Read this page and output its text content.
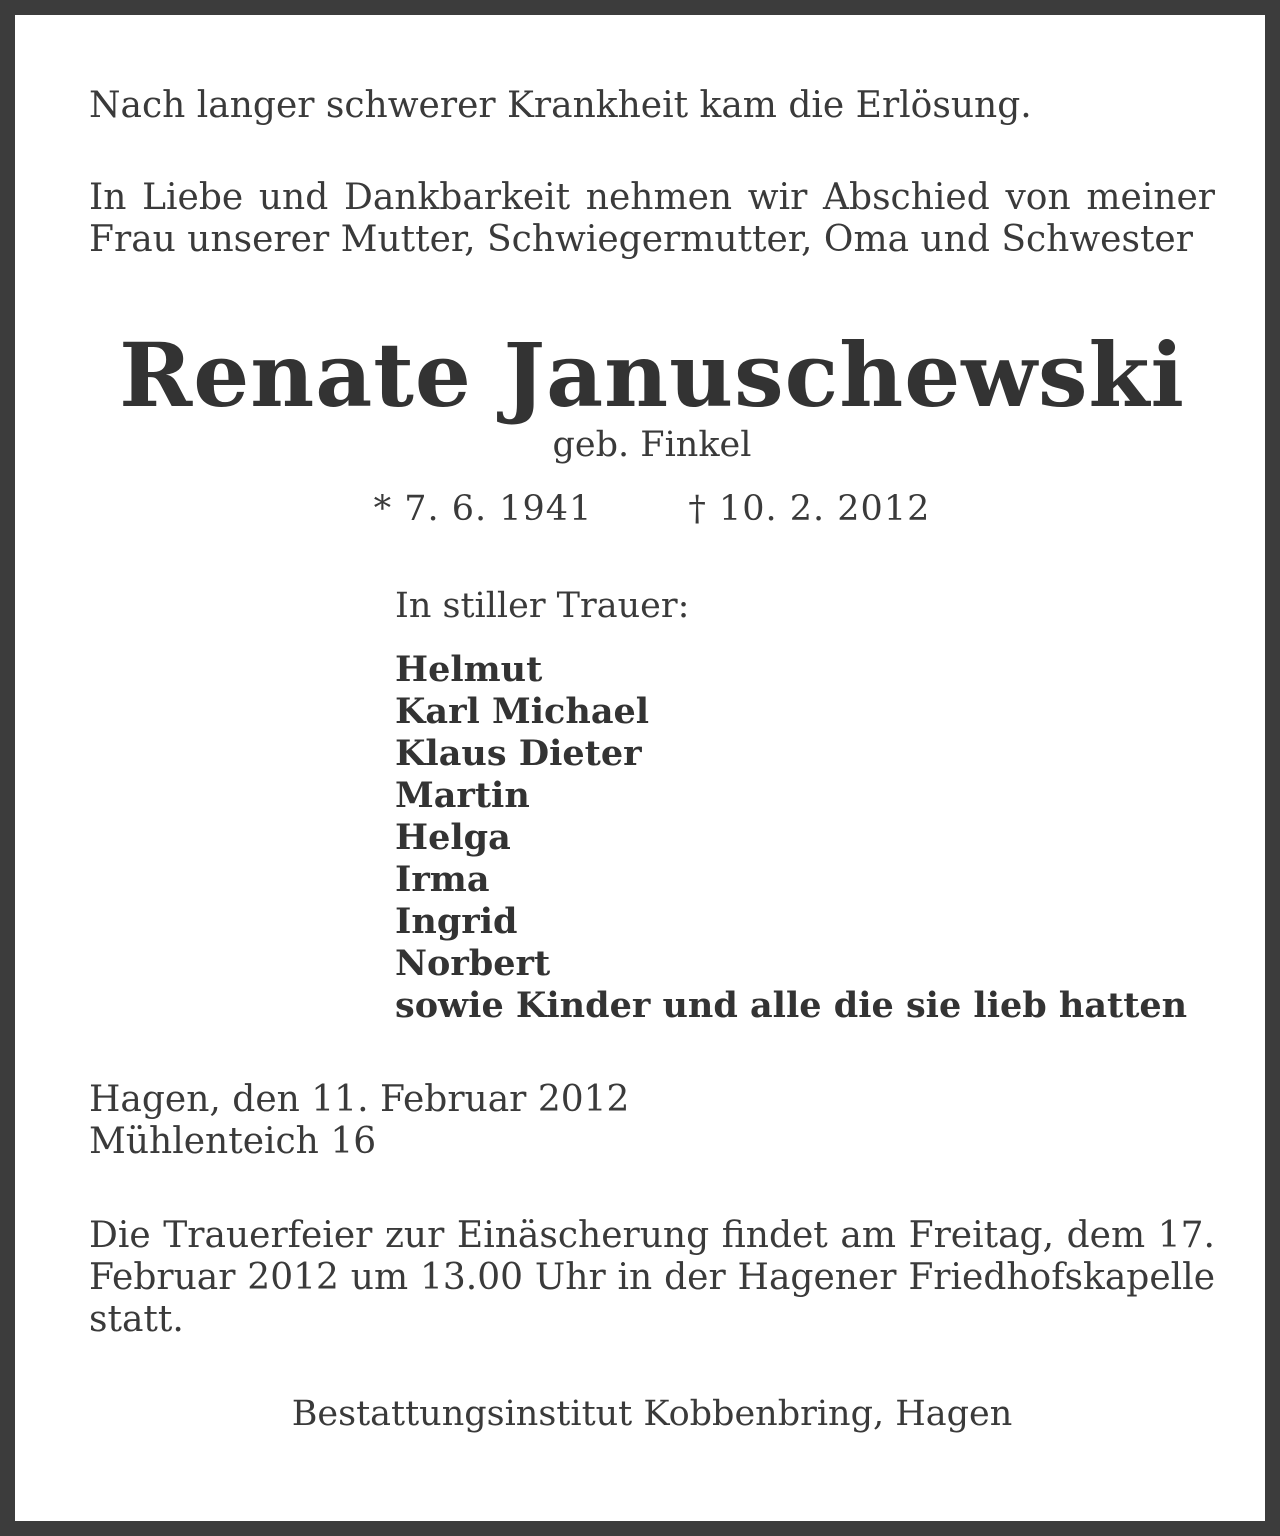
Nach langer schwerer Krankheit kam die Erlösung.

In Liebe und Dankbarkeit nehmen wir Abschied von meiner Frau unserer Mutter, Schwiegermutter, Oma und Schwester

Renate Januschewski
geb. Finkel
* 7. 6. 1941	† 10. 2. 2012
In stiller Trauer:
Helmut
Karl Michael
Klaus Dieter
Martin
Helga
Irma
Ingrid
Norbert
sowie Kinder und alle die sie lieb hatten

Hagen, den 11. Februar 2012

Mühlenteich 16

Die Trauerfeier zur Einäscherung findet am Freitag, dem 17. Februar 2012 um 13.00 Uhr in der Hagener Friedhofskapelle statt.

Bestattungsinstitut Kobbenbring, Hagen
